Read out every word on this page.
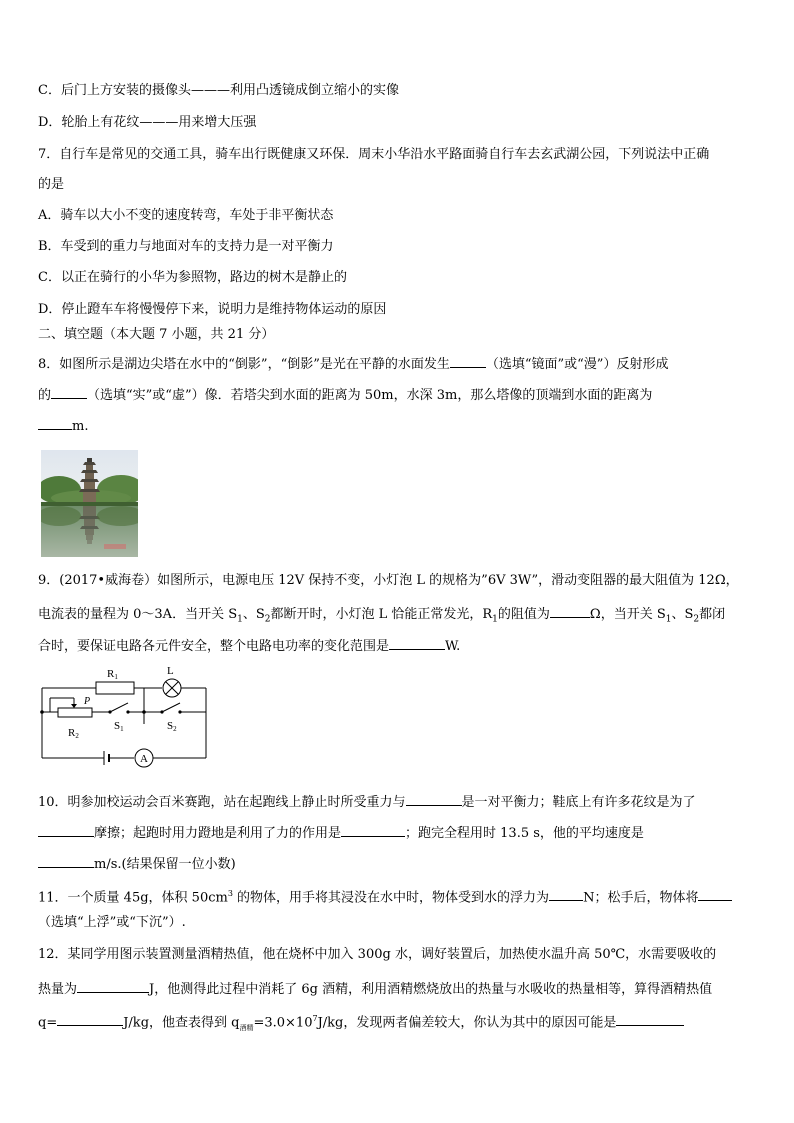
C．后门上方安装的摄像头———利用凸透镜成倒立缩小的实像
D．轮胎上有花纹———用来增大压强
7．自行车是常见的交通工具，骑车出行既健康又环保．周末小华沿水平路面骑自行车去玄武湖公园，下列说法中正确
的是
A．骑车以大小不变的速度转弯，车处于非平衡状态
B．车受到的重力与地面对车的支持力是一对平衡力
C．以正在骑行的小华为参照物，路边的树木是静止的
D．停止蹬车车将慢慢停下来，说明力是维持物体运动的原因
二、填空题（本大题 7 小题，共 21 分）
8．如图所示是湖边尖塔在水中的“倒影”，“倒影”是光在平静的水面发生	（选填“镜面”或“漫”）反射形成
的	（选填“实”或“虚”）像．若塔尖到水面的距离为 50m，水深 3m，那么塔像的顶端到水面的距离为
m.
9．(2017•威海卷）如图所示，电源电压 12V 保持不变，小灯泡 L 的规格为”6V 3W”，滑动变阻器的最大阻值为 12Ω，
电流表的量程为 0～3A．当开关 $S_1$、$S_2$都断开时，小灯泡 L 恰能正常发光，$R_1$的阻值为	Ω，当开关 $S_1$、$S_2$都闭
合时，要保证电路各元件安全，整个电路电功率的变化范围是	W.
R1	L
P
R2
S1	S2
A
10．明参加校运动会百米赛跑，站在起跑线上静止时所受重力与	是一对平衡力；鞋底上有许多花纹是为了
摩擦；起跑时用力蹬地是利用了力的作用是	；跑完全程用时 13.5 s，他的平均速度是
m/s.(结果保留一位小数)
11．一个质量 45g，体积 $50cm^3$ 的物体，用手将其浸没在水中时，物体受到水的浮力为	N；松手后，物体将
（选填“上浮”或“下沉”）.
12．某同学用图示装置测量酒精热值，他在烧杯中加入 300g 水，调好装置后，加热使水温升高 50℃，水需要吸收的
热量为	J，他测得此过程中消耗了 6g 酒精，利用酒精燃烧放出的热量与水吸收的热量相等，算得酒精热值
q=	J/kg，他查表得到 $q_{酒精}=3.0\times 10^7J/kg$，发现两者偏差较大，你认为其中的原因可能是
